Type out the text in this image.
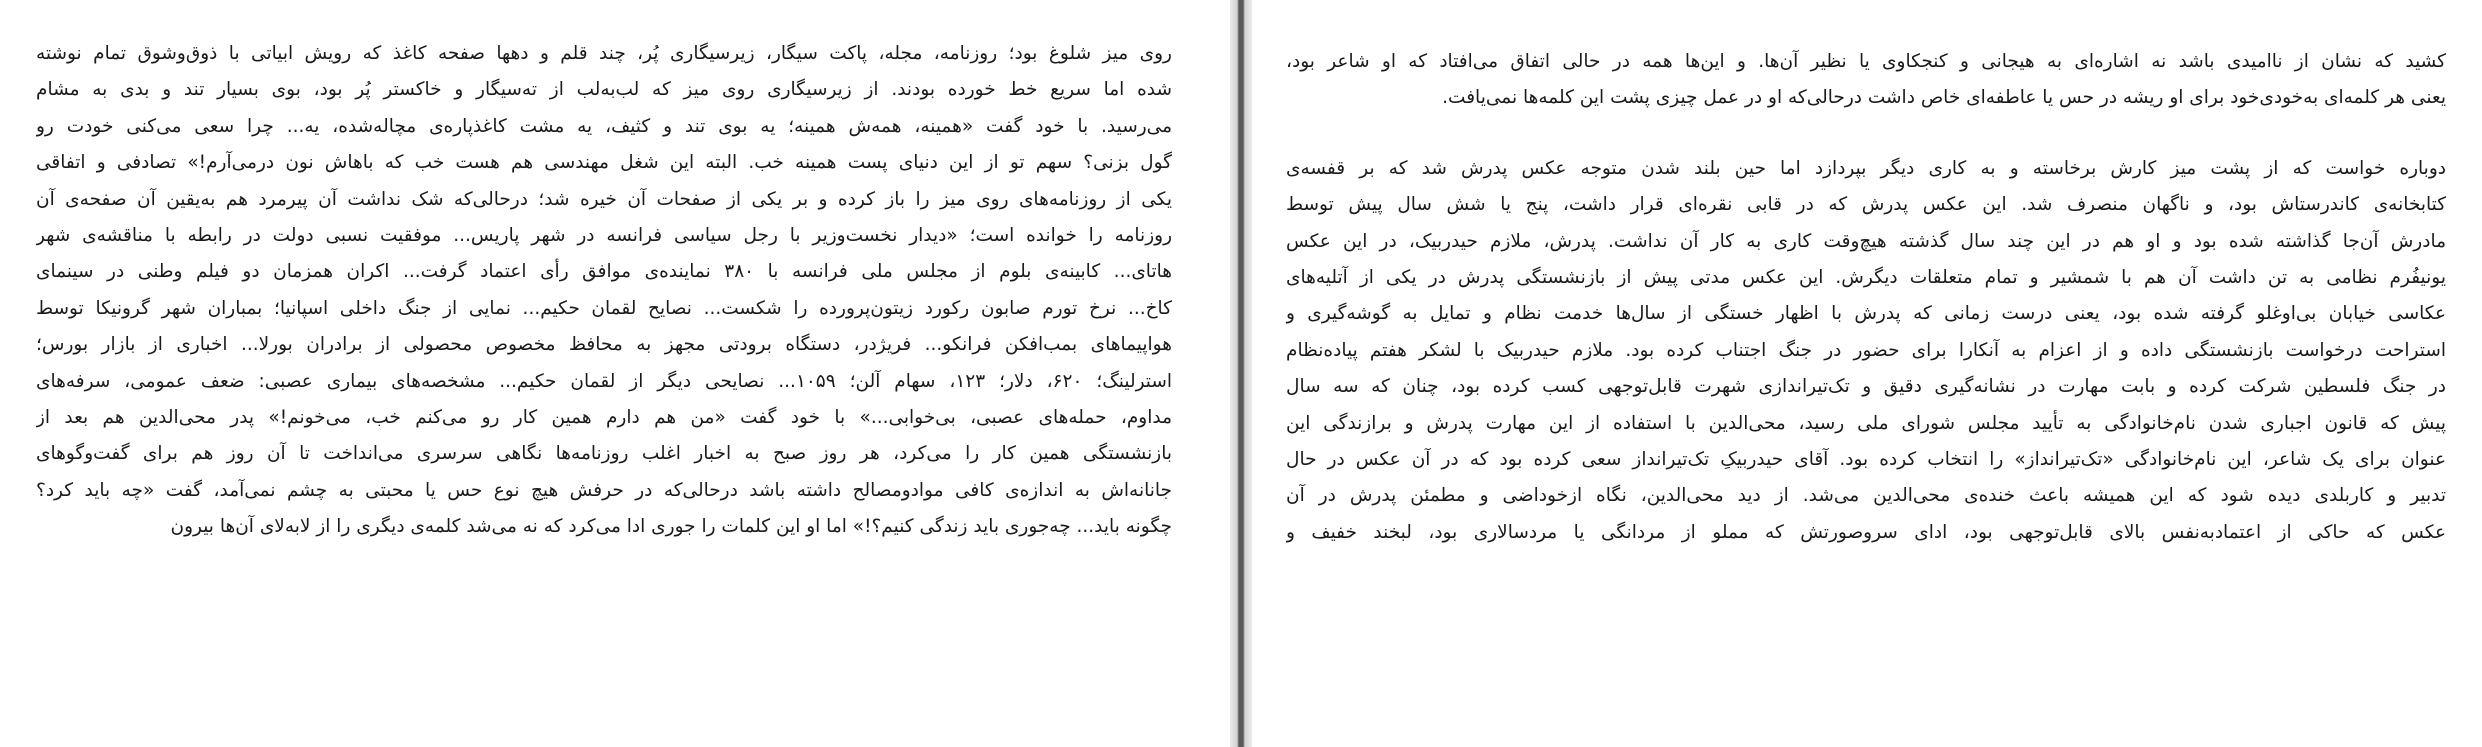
روی میز شلوغ بود؛ روزنامه، مجله، پاکت سیگار، زیرسیگاری پُر، چند قلم و دهها صفحه کاغذ که رویش ابیاتی با ذوق‌وشوق تمام نوشته
شده اما سریع خط خورده بودند. از زیرسیگاری روی میز که لب‌به‌لب از ته‌سیگار و خاکستر پُر بود، بوی بسیار تند و بدی به مشام
می‌رسید. با خود گفت «همینه، همه‌ش همینه؛ یه بوی تند و کثیف، یه مشت کاغذپاره‌ی مچاله‌شده، یه... چرا سعی می‌کنی خودت رو
گول بزنی؟ سهم تو از این دنیای پست همینه خب. البته این شغل مهندسی هم هست خب که باهاش نون درمی‌آرم!» تصادفی و اتفاقی
یکی از روزنامه‌های روی میز را باز کرده و بر یکی از صفحات آن خیره شد؛ درحالی‌که شک نداشت آن پیرمرد هم به‌یقین آن صفحه‌ی آن
روزنامه را خوانده است؛ «دیدار نخست‌وزیر با رجل سیاسی فرانسه در شهر پاریس... موفقیت نسبی دولت در رابطه با مناقشه‌ی شهر
هاتای... کابینه‌ی بلوم از مجلس ملی فرانسه با ۳۸۰ نماینده‌ی موافق رأی اعتماد گرفت... اکران همزمان دو فیلم وطنی در سینمای
کاخ... نرخ تورم صابون رکورد زیتون‌پرورده را شکست... نصایح لقمان حکیم... نمایی از جنگ داخلی اسپانیا؛ بمباران شهر گرونیکا توسط
هواپیماهای بمب‌افکن فرانکو... فریژدر، دستگاه برودتی مجهز به محافظ مخصوص محصولی از برادران بورلا... اخباری از بازار بورس؛
استرلینگ؛ ۶۲۰، دلار؛ ۱۲۳، سهام آلن؛ ۱۰۵۹... نصایحی دیگر از لقمان حکیم... مشخصه‌های بیماری عصبی: ضعف عمومی، سرفه‌های
مداوم، حمله‌های عصبی، بی‌خوابی...» با خود گفت «من هم دارم همین کار رو می‌کنم خب، می‌خونم!» پدر محی‌الدین هم بعد از
بازنشستگی همین کار را می‌کرد، هر روز صبح به اخبار اغلب روزنامه‌ها نگاهی سرسری می‌انداخت تا آن روز هم برای گفت‌وگوهای
جانانه‌اش به اندازه‌ی کافی موادومصالح داشته باشد درحالی‌که در حرفش هیچ نوع حس یا محبتی به چشم نمی‌آمد، گفت «چه باید کرد؟
چگونه باید... چه‌جوری باید زندگی کنیم؟!» اما او این کلمات را جوری ادا می‌کرد که نه می‌شد کلمه‌ی دیگری را از لابه‌لای آن‌ها بیرون
کشید که نشان از ناامیدی باشد نه اشاره‌ای به هیجانی و کنجکاوی یا نظیر آن‌ها. و این‌ها همه در حالی اتفاق می‌افتاد که او شاعر بود،
یعنی هر کلمه‌ای به‌خودی‌خود برای او ریشه در حس یا عاطفه‌ای خاص داشت درحالی‌که او در عمل چیزی پشت این کلمه‌ها نمی‌یافت.
دوباره خواست که از پشت میز کارش برخاسته و به کاری دیگر بپردازد اما حین بلند شدن متوجه عکس پدرش شد که بر قفسه‌ی
کتابخانه‌ی کاندرستاش بود، و ناگهان منصرف شد. این عکس پدرش که در قابی نقره‌ای قرار داشت، پنج یا شش سال پیش توسط
مادرش آن‌جا گذاشته شده بود و او هم در این چند سال گذشته هیچ‌وقت کاری به کار آن نداشت. پدرش، ملازم حیدربیک، در این عکس
یونیفُرم نظامی به تن داشت آن هم با شمشیر و تمام متعلقات دیگرش. این عکس مدتی پیش از بازنشستگی پدرش در یکی از آتلیه‌های
عکاسی خیابان بی‌اوغلو گرفته شده بود، یعنی درست زمانی که پدرش با اظهار خستگی از سال‌ها خدمت نظام و تمایل به گوشه‌گیری و
استراحت درخواست بازنشستگی داده و از اعزام به آنکارا برای حضور در جنگ اجتناب کرده بود. ملازم حیدربیک با لشکر هفتم پیاده‌نظام
در جنگ فلسطین شرکت کرده و بابت مهارت در نشانه‌گیری دقیق و تک‌تیراندازی شهرت قابل‌توجهی کسب کرده بود، چنان که سه سال
پیش که قانون اجباری شدن نام‌خانوادگی به تأیید مجلس شورای ملی رسید، محی‌الدین با استفاده از این مهارت پدرش و برازندگی این
عنوان برای یک شاعر، این نام‌خانوادگی «تک‌تیرانداز» را انتخاب کرده بود. آقای حیدربیکِ تک‌تیرانداز سعی کرده بود که در آن عکس در حال
تدبیر و کاربلدی دیده شود که این همیشه باعث خنده‌ی محی‌الدین می‌شد. از دید محی‌الدین، نگاه ازخوداضی و مطمئن پدرش در آن
عکس که حاکی از اعتمادبه‌نفس بالای قابل‌توجهی بود، ادای سروصورتش که مملو از مردانگی یا مردسالاری بود، لبخند خفیف و
